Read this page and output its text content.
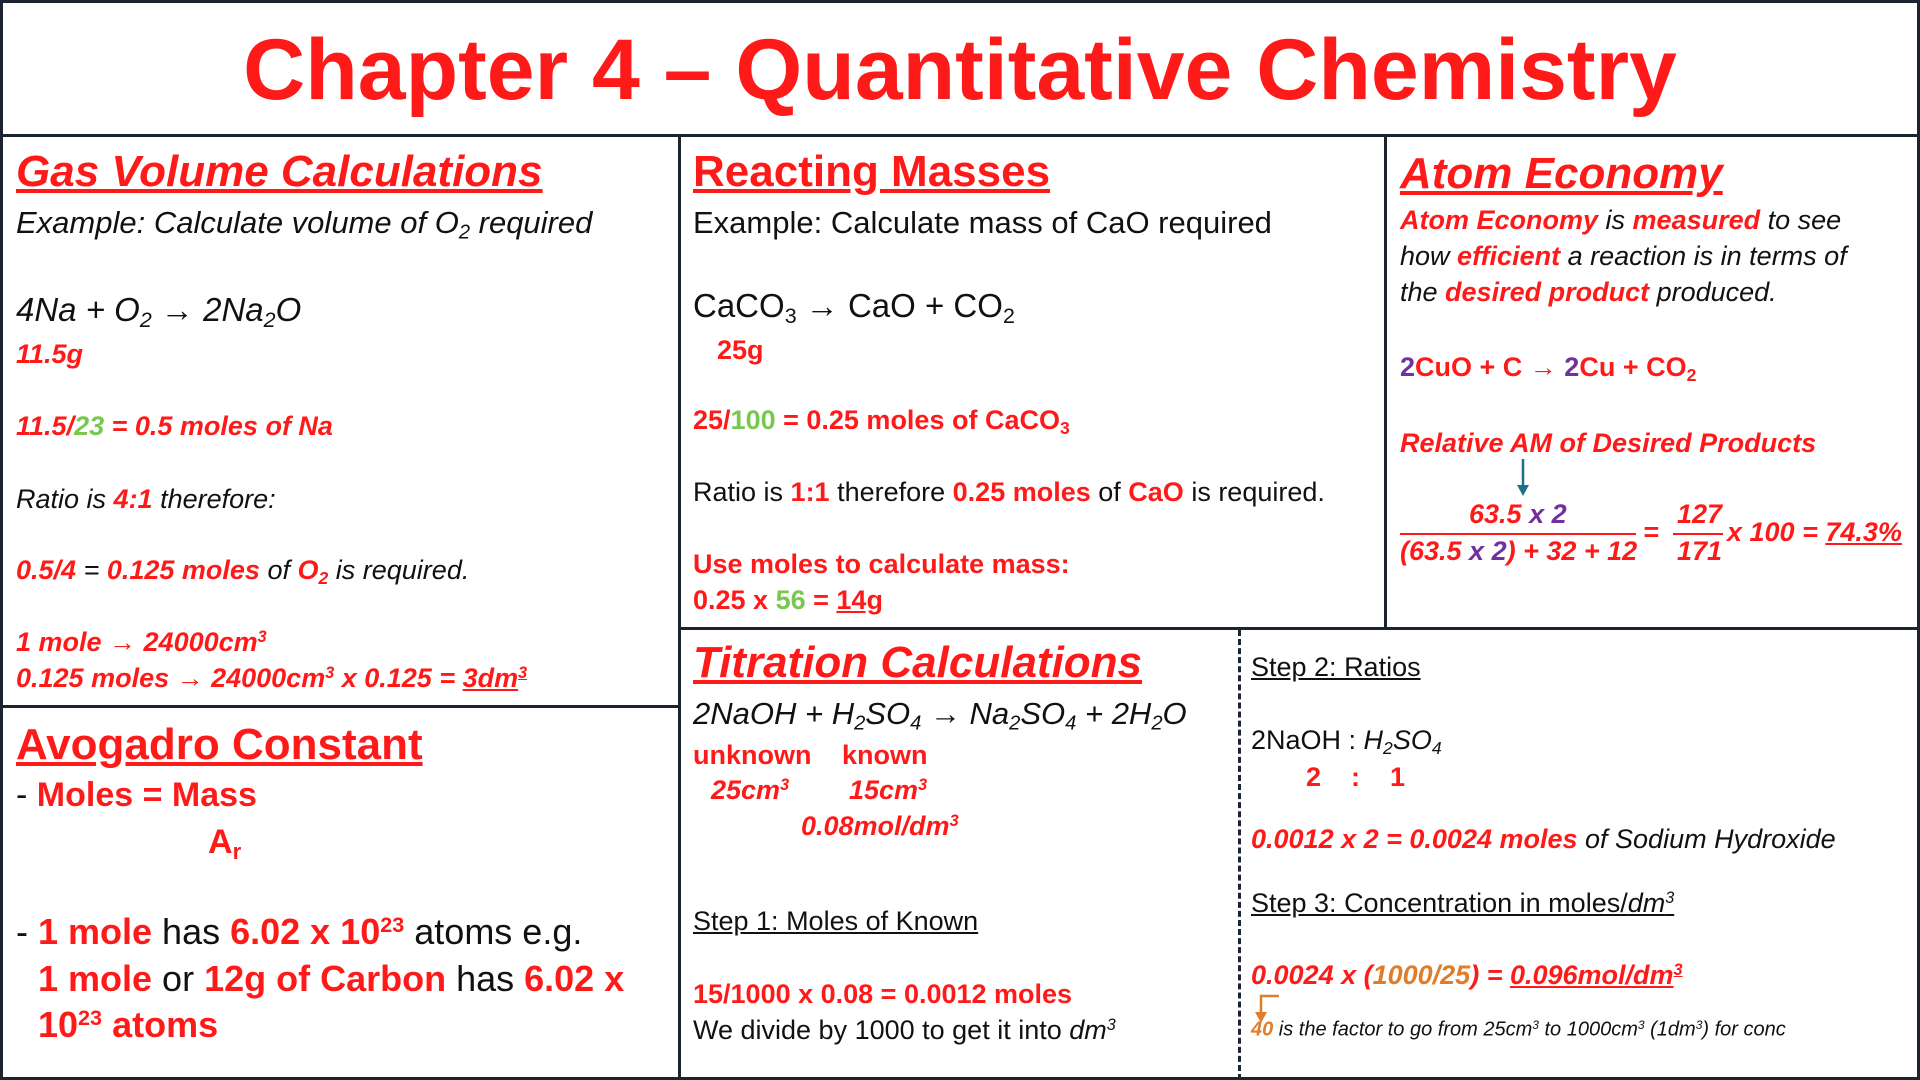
Chapter 4 – Quantitative Chemistry
Gas Volume Calculations
Example: Calculate volume of $O_2$ required
$4Na + O_2 \to 2Na_2O$
11.5g
11.5/23 = 0.5 moles of Na
Ratio is 4:1 therefore:
0.5/4 = 0.125 moles of $O_2$ is required.
1 mole → $24000cm^3$
0.125 moles → $24000cm^3$ x $0.125 = 3dm^3$
Avogadro Constant
- Moles = Mass
$A_r$
- 1 mole has 6.02 x $10^{23}$ atoms e.g.
1 mole or 12g of Carbon has 6.02 x
$10^{23}$ atoms
Reacting Masses
Example: Calculate mass of CaO required
CaCO$_3$ → CaO + $CO_2$
25g
25/100 = 0.25 moles of CaCO$_3$
Ratio is 1:1 therefore 0.25 moles of CaO is required.
Use moles to calculate mass:
0.25 x 56 = 14g
Atom Economy
Atom Economy is measured to see
how efficient a reaction is in terms of
the desired product produced.
$2CuO + C \to 2Cu + CO_2$
Relative AM of Desired Products
63.5 x 2
(63.5 x 2) + 32 + 12
=
127
171
x 100 = 74.3%
Titration Calculations
2NaOH + $H_2SO_4 \to Na_2SO_4 + 2H_2O$
unknown known
$25cm^3$ $15cm^3$
$0.08mol/dm^3$
Step 1: Moles of Known
15/1000 x 0.08 = 0.0012 moles
We divide by 1000 to get it into $dm^3$
Step 2: Ratios
2NaOH : $H_2SO_4$
2    :    1
0.0012 x 2 = 0.0024 moles of Sodium Hydroxide
Step 3: Concentration in moles/$dm^3$
0.0024 x $(1000/25) = 0.096mol/dm^3$
40 is the factor to go from $25cm^3$ to $1000cm^3$ $(1dm^3)$ for conc
